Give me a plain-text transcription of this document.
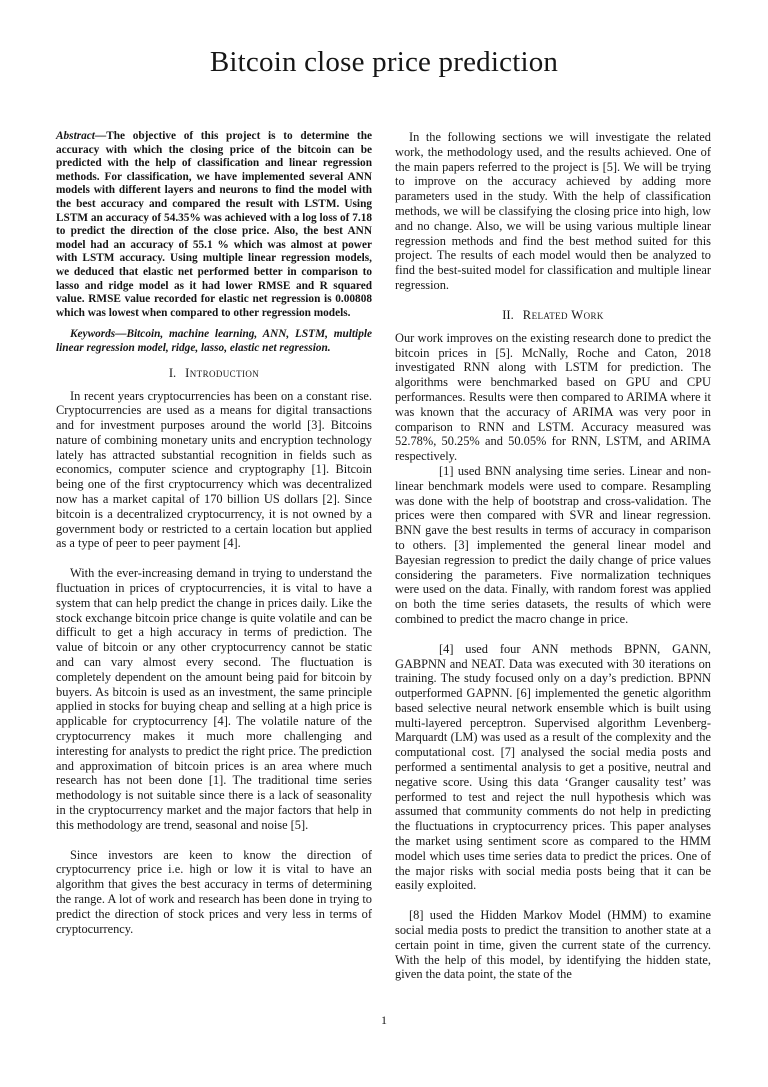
Bitcoin close price prediction

Abstract—The objective of this project is to determine the accuracy with which the closing price of the bitcoin can be predicted with the help of classification and linear regression methods. For classification, we have implemented several ANN models with different layers and neurons to find the model with the best accuracy and compared the result with LSTM. Using LSTM an accuracy of 54.35% was achieved with a log loss of 7.18 to predict the direction of the close price. Also, the best ANN model had an accuracy of 55.1 % which was almost at power with LSTM accuracy. Using multiple linear regression models, we deduced that elastic net performed better in comparison to lasso and ridge model as it had lower RMSE and R squared value. RMSE value recorded for elastic net regression is 0.00808 which was lowest when compared to other regression models.

Keywords—Bitcoin, machine learning, ANN, LSTM, multiple linear regression model, ridge, lasso, elastic net regression.

I. Introduction

In recent years cryptocurrencies has been on a constant rise. Cryptocurrencies are used as a means for digital transactions and for investment purposes around the world [3]. Bitcoins nature of combining monetary units and encryption technology lately has attracted substantial recognition in fields such as economics, computer science and cryptography [1]. Bitcoin being one of the first cryptocurrency which was decentralized now has a market capital of 170 billion US dollars [2]. Since bitcoin is a decentralized cryptocurrency, it is not owned by a government body or restricted to a certain location but applied as a type of peer to peer payment [4].

With the ever-increasing demand in trying to understand the fluctuation in prices of cryptocurrencies, it is vital to have a system that can help predict the change in prices daily. Like the stock exchange bitcoin price change is quite volatile and can be difficult to get a high accuracy in terms of prediction. The value of bitcoin or any other cryptocurrency cannot be static and can vary almost every second. The fluctuation is completely dependent on the amount being paid for bitcoin by buyers. As bitcoin is used as an investment, the same principle applied in stocks for buying cheap and selling at a high price is applicable for cryptocurrency [4]. The volatile nature of the cryptocurrency makes it much more challenging and interesting for analysts to predict the right price. The prediction and approximation of bitcoin prices is an area where much research has not been done [1]. The traditional time series methodology is not suitable since there is a lack of seasonality in the cryptocurrency market and the major factors that help in this methodology are trend, seasonal and noise [5].

Since investors are keen to know the direction of cryptocurrency price i.e. high or low it is vital to have an algorithm that gives the best accuracy in terms of determining the range. A lot of work and research has been done in trying to predict the direction of stock prices and very less in terms of cryptocurrency.

In the following sections we will investigate the related work, the methodology used, and the results achieved. One of the main papers referred to the project is [5]. We will be trying to improve on the accuracy achieved by adding more parameters used in the study. With the help of classification methods, we will be classifying the closing price into high, low and no change. Also, we will be using various multiple linear regression methods and find the best method suited for this project. The results of each model would then be analyzed to find the best-suited model for classification and multiple linear regression.

II. Related Work

Our work improves on the existing research done to predict the bitcoin prices in [5]. McNally, Roche and Caton, 2018 investigated RNN along with LSTM for prediction. The algorithms were benchmarked based on GPU and CPU performances. Results were then compared to ARIMA where it was known that the accuracy of ARIMA was very poor in comparison to RNN and LSTM. Accuracy measured was 52.78%, 50.25% and 50.05% for RNN, LSTM, and ARIMA respectively.

[1] used BNN analysing time series. Linear and non-linear benchmark models were used to compare. Resampling was done with the help of bootstrap and cross-validation. The prices were then compared with SVR and linear regression. BNN gave the best results in terms of accuracy in comparison to others. [3] implemented the general linear model and Bayesian regression to predict the daily change of price values considering the parameters. Five normalization techniques were used on the data. Finally, with random forest was applied on both the time series datasets, the results of which were combined to predict the macro change in price.

[4] used four ANN methods BPNN, GANN, GABPNN and NEAT. Data was executed with 30 iterations on training. The study focused only on a day’s prediction. BPNN outperformed GAPNN. [6] implemented the genetic algorithm based selective neural network ensemble which is built using multi-layered perceptron. Supervised algorithm Levenberg-Marquardt (LM) was used as a result of the complexity and the computational cost. [7] analysed the social media posts and performed a sentimental analysis to get a positive, neutral and negative score. Using this data ‘Granger causality test’ was performed to test and reject the null hypothesis which was assumed that community comments do not help in predicting the fluctuations in cryptocurrency prices. This paper analyses the market using sentiment score as compared to the HMM model which uses time series data to predict the prices. One of the major risks with social media posts being that it can be easily exploited.

[8] used the Hidden Markov Model (HMM) to examine social media posts to predict the transition to another state at a certain point in time, given the current state of the currency. With the help of this model, by identifying the hidden state, given the data point, the state of the

1
